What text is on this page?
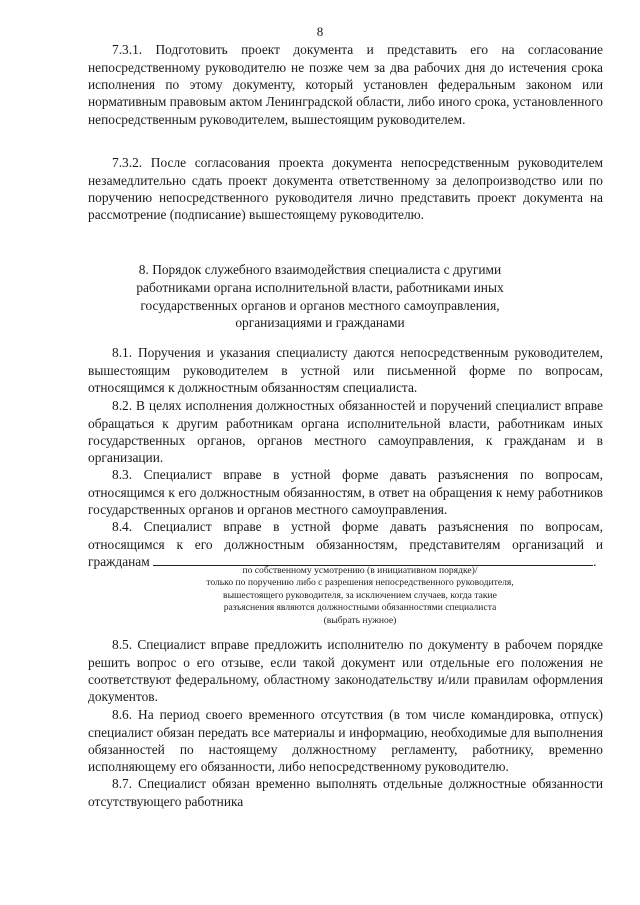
8

7.3.1. Подготовить проект документа и представить его на согласование непосредственному руководителю не позже чем за два рабочих дня до истечения срока исполнения по этому документу, который установлен федеральным законом или нормативным правовым актом Ленинградской области, либо иного срока, установленного непосредственным руководителем, вышестоящим руководителем.

7.3.2. После согласования проекта документа непосредственным руководителем незамедлительно сдать проект документа ответственному за делопроизводство или по поручению непосредственного руководителя лично представить проект документа на рассмотрение (подписание) вышестоящему руководителю.

8. Порядок служебного взаимодействия специалиста с другими
работниками органа исполнительной власти, работниками иных
государственных органов и органов местного самоуправления,
организациями и гражданами

8.1. Поручения и указания специалисту даются непосредственным руководителем, вышестоящим руководителем в устной или письменной форме по вопросам, относящимся к должностным обязанностям специалиста.

8.2. В целях исполнения должностных обязанностей и поручений специалист вправе обращаться к другим работникам органа исполнительной власти, работникам иных государственных органов, органов местного самоуправления, к гражданам и в организации.

8.3. Специалист вправе в устной форме давать разъяснения по вопросам, относящимся к его должностным обязанностям, в ответ на обращения к нему работников государственных органов и органов местного самоуправления.

8.4. Специалист вправе в устной форме давать разъяснения по вопросам, относящимся к его должностным обязанностям, представителям организаций и гражданам	.

по собственному усмотрению (в инициативном порядке)/
только по поручению либо с разрешения непосредственного руководителя,
вышестоящего руководителя, за исключением случаев, когда такие
разъяснения являются должностными обязанностями специалиста
(выбрать нужное)

8.5. Специалист вправе предложить исполнителю по документу в рабочем порядке решить вопрос о его отзыве, если такой документ или отдельные его положения не соответствуют федеральному, областному законодательству и/или правилам оформления документов.

8.6. На период своего временного отсутствия (в том числе командировка, отпуск) специалист обязан передать все материалы и информацию, необходимые для выполнения обязанностей по настоящему должностному регламенту, работнику, временно исполняющему его обязанности, либо непосредственному руководителю.

8.7. Специалист обязан временно выполнять отдельные должностные обязанности отсутствующего работника
